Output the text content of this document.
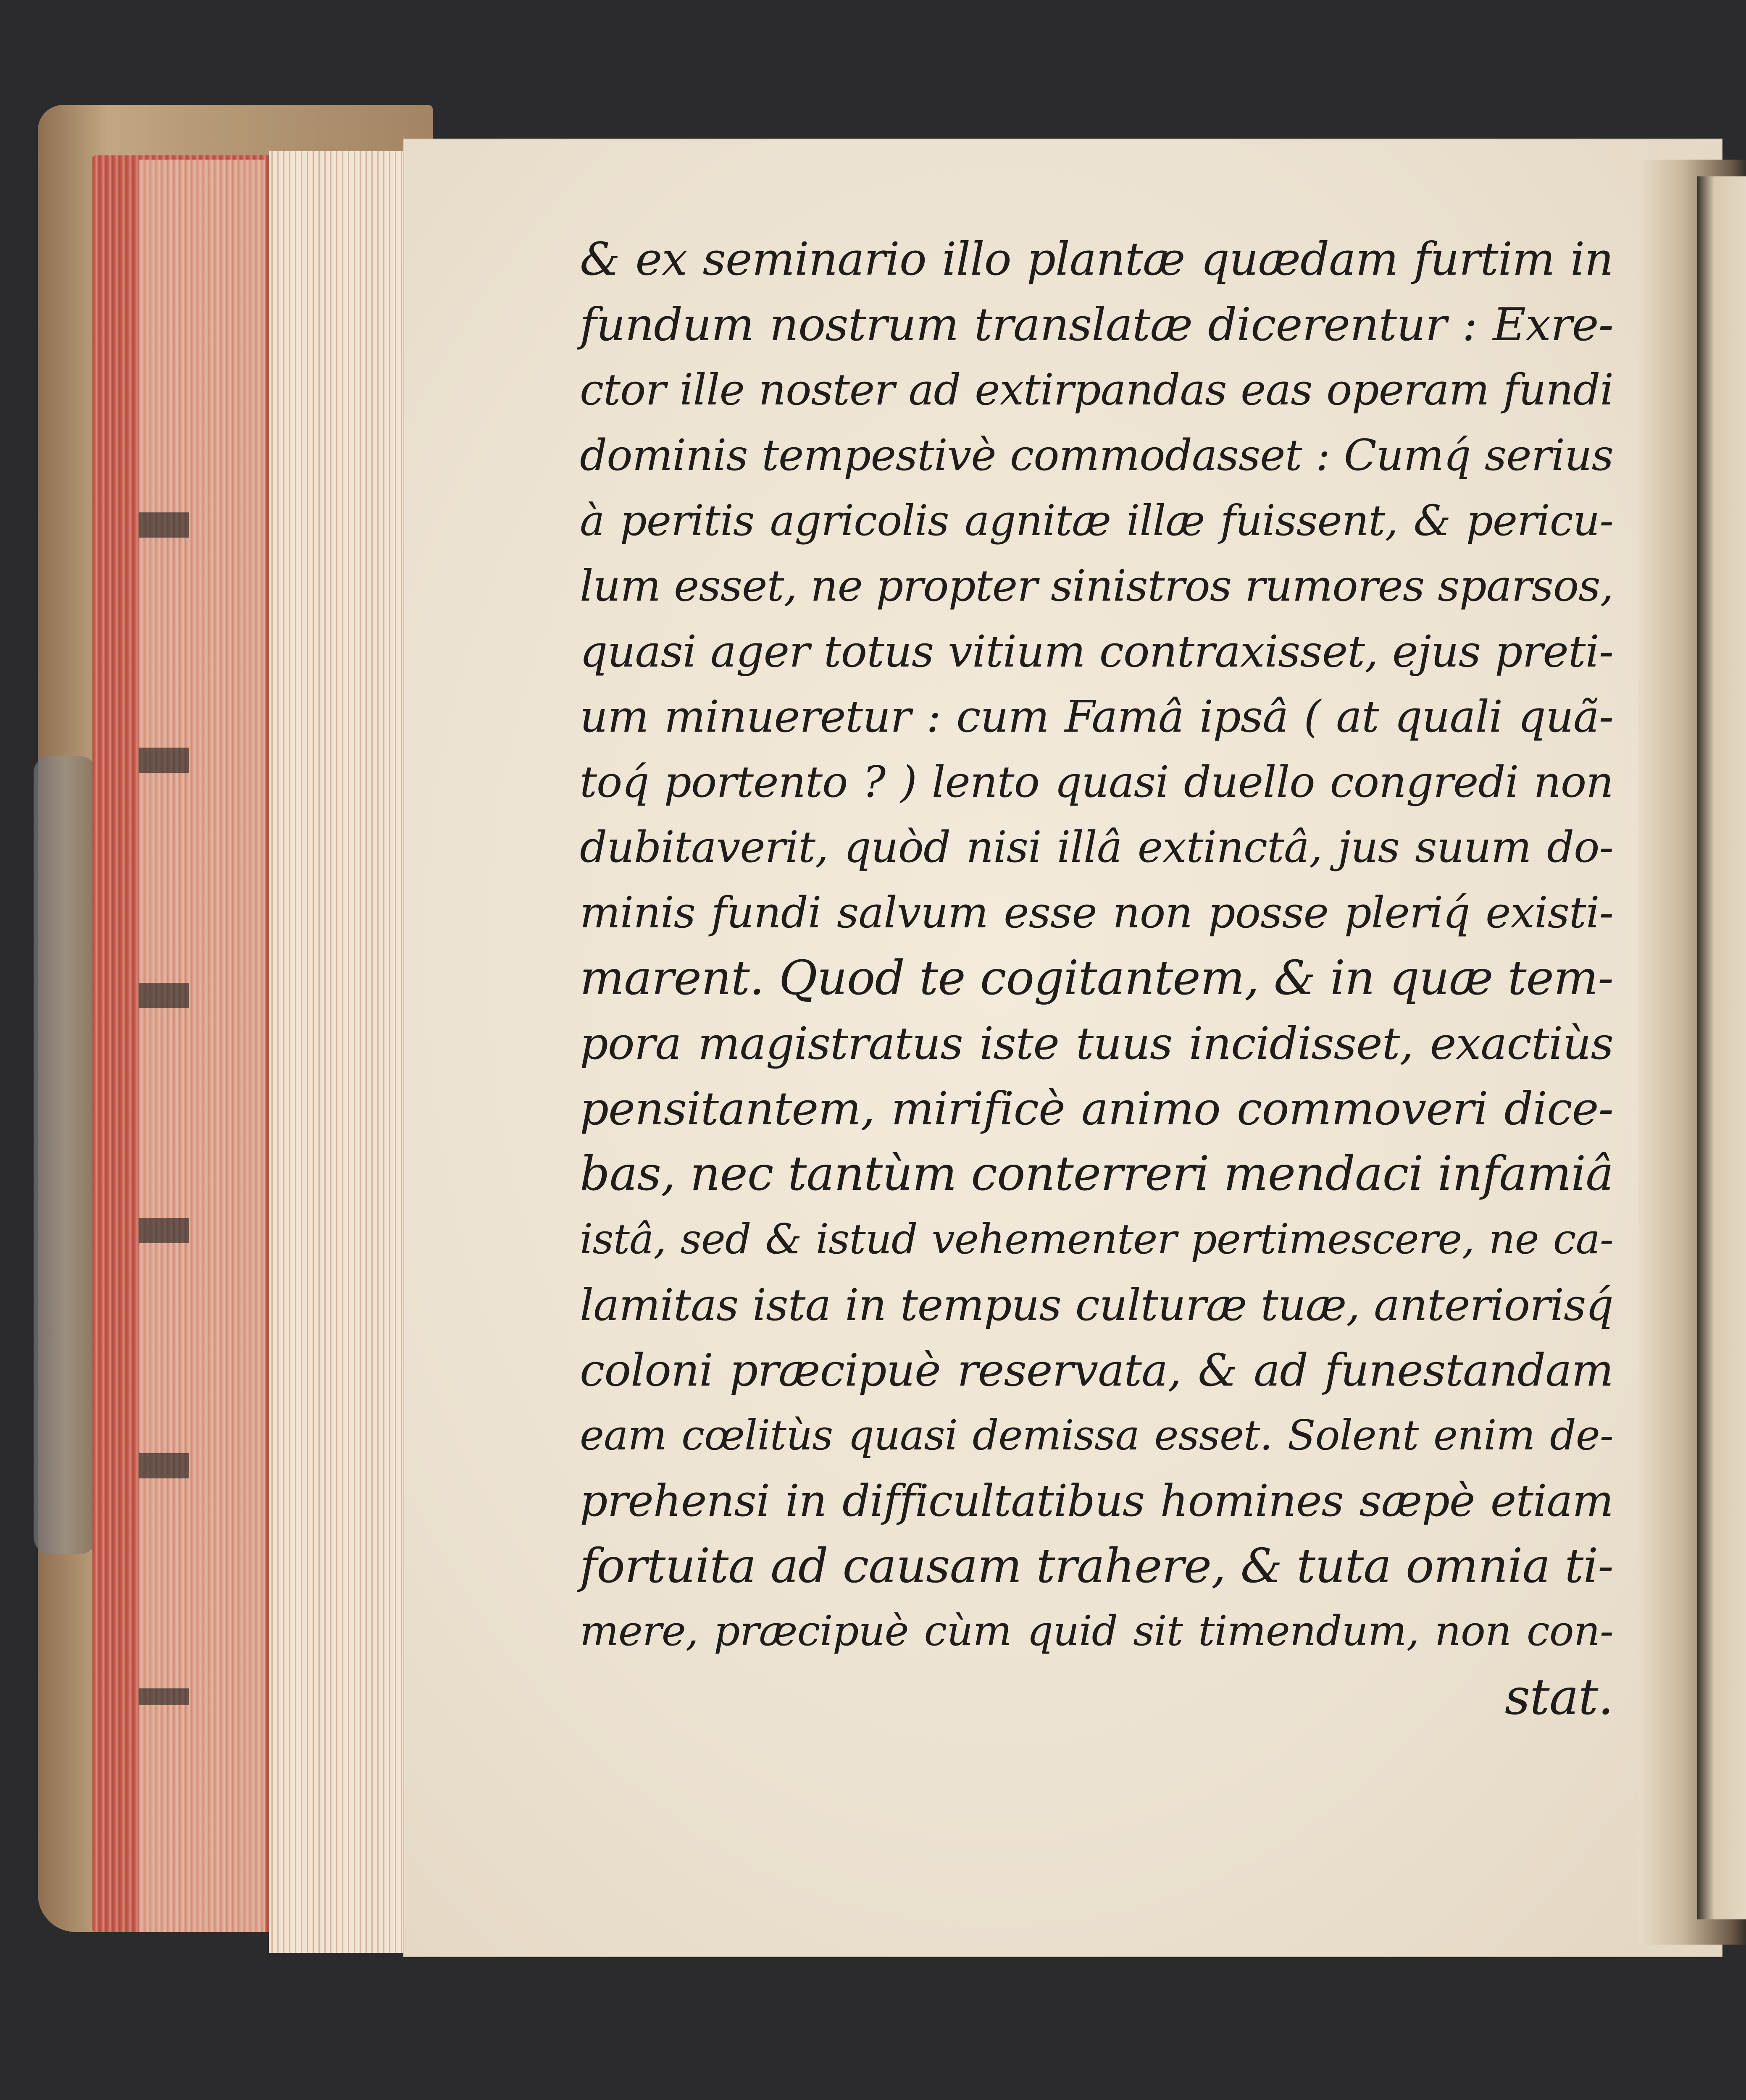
& ex seminario illo plantæ quædam furtim in
fundum nostrum translatæ dicerentur : Exre-
ctor ille noster ad extirpandas eas operam fundi
dominis tempestivè commodasset : Cumq́ serius
à peritis agricolis agnitæ illæ fuissent, & pericu-
lum esset, ne propter sinistros rumores sparsos,
quasi ager totus vitium contraxisset, ejus preti-
um minueretur : cum Famâ ipsâ ( at quali quã-
toq́ portento ? ) lento quasi duello congredi non
dubitaverit, quòd nisi illâ extinctâ, jus suum do-
minis fundi salvum esse non posse pleriq́ existi-
marent. Quod te cogitantem, & in quæ tem-
pora magistratus iste tuus incidisset, exactiùs
pensitantem, mirificè animo commoveri dice-
bas, nec tantùm conterreri mendaci infamiâ
istâ, sed & istud vehementer pertimescere, ne ca-
lamitas ista in tempus culturæ tuæ, anteriorisq́
coloni præcipuè reservata, & ad funestandam
eam cœlitùs quasi demissa esset. Solent enim de-
prehensi in difficultatibus homines sæpè etiam
fortuita ad causam trahere, & tuta omnia ti-
mere, præcipuè cùm quid sit timendum, non con-
stat.
